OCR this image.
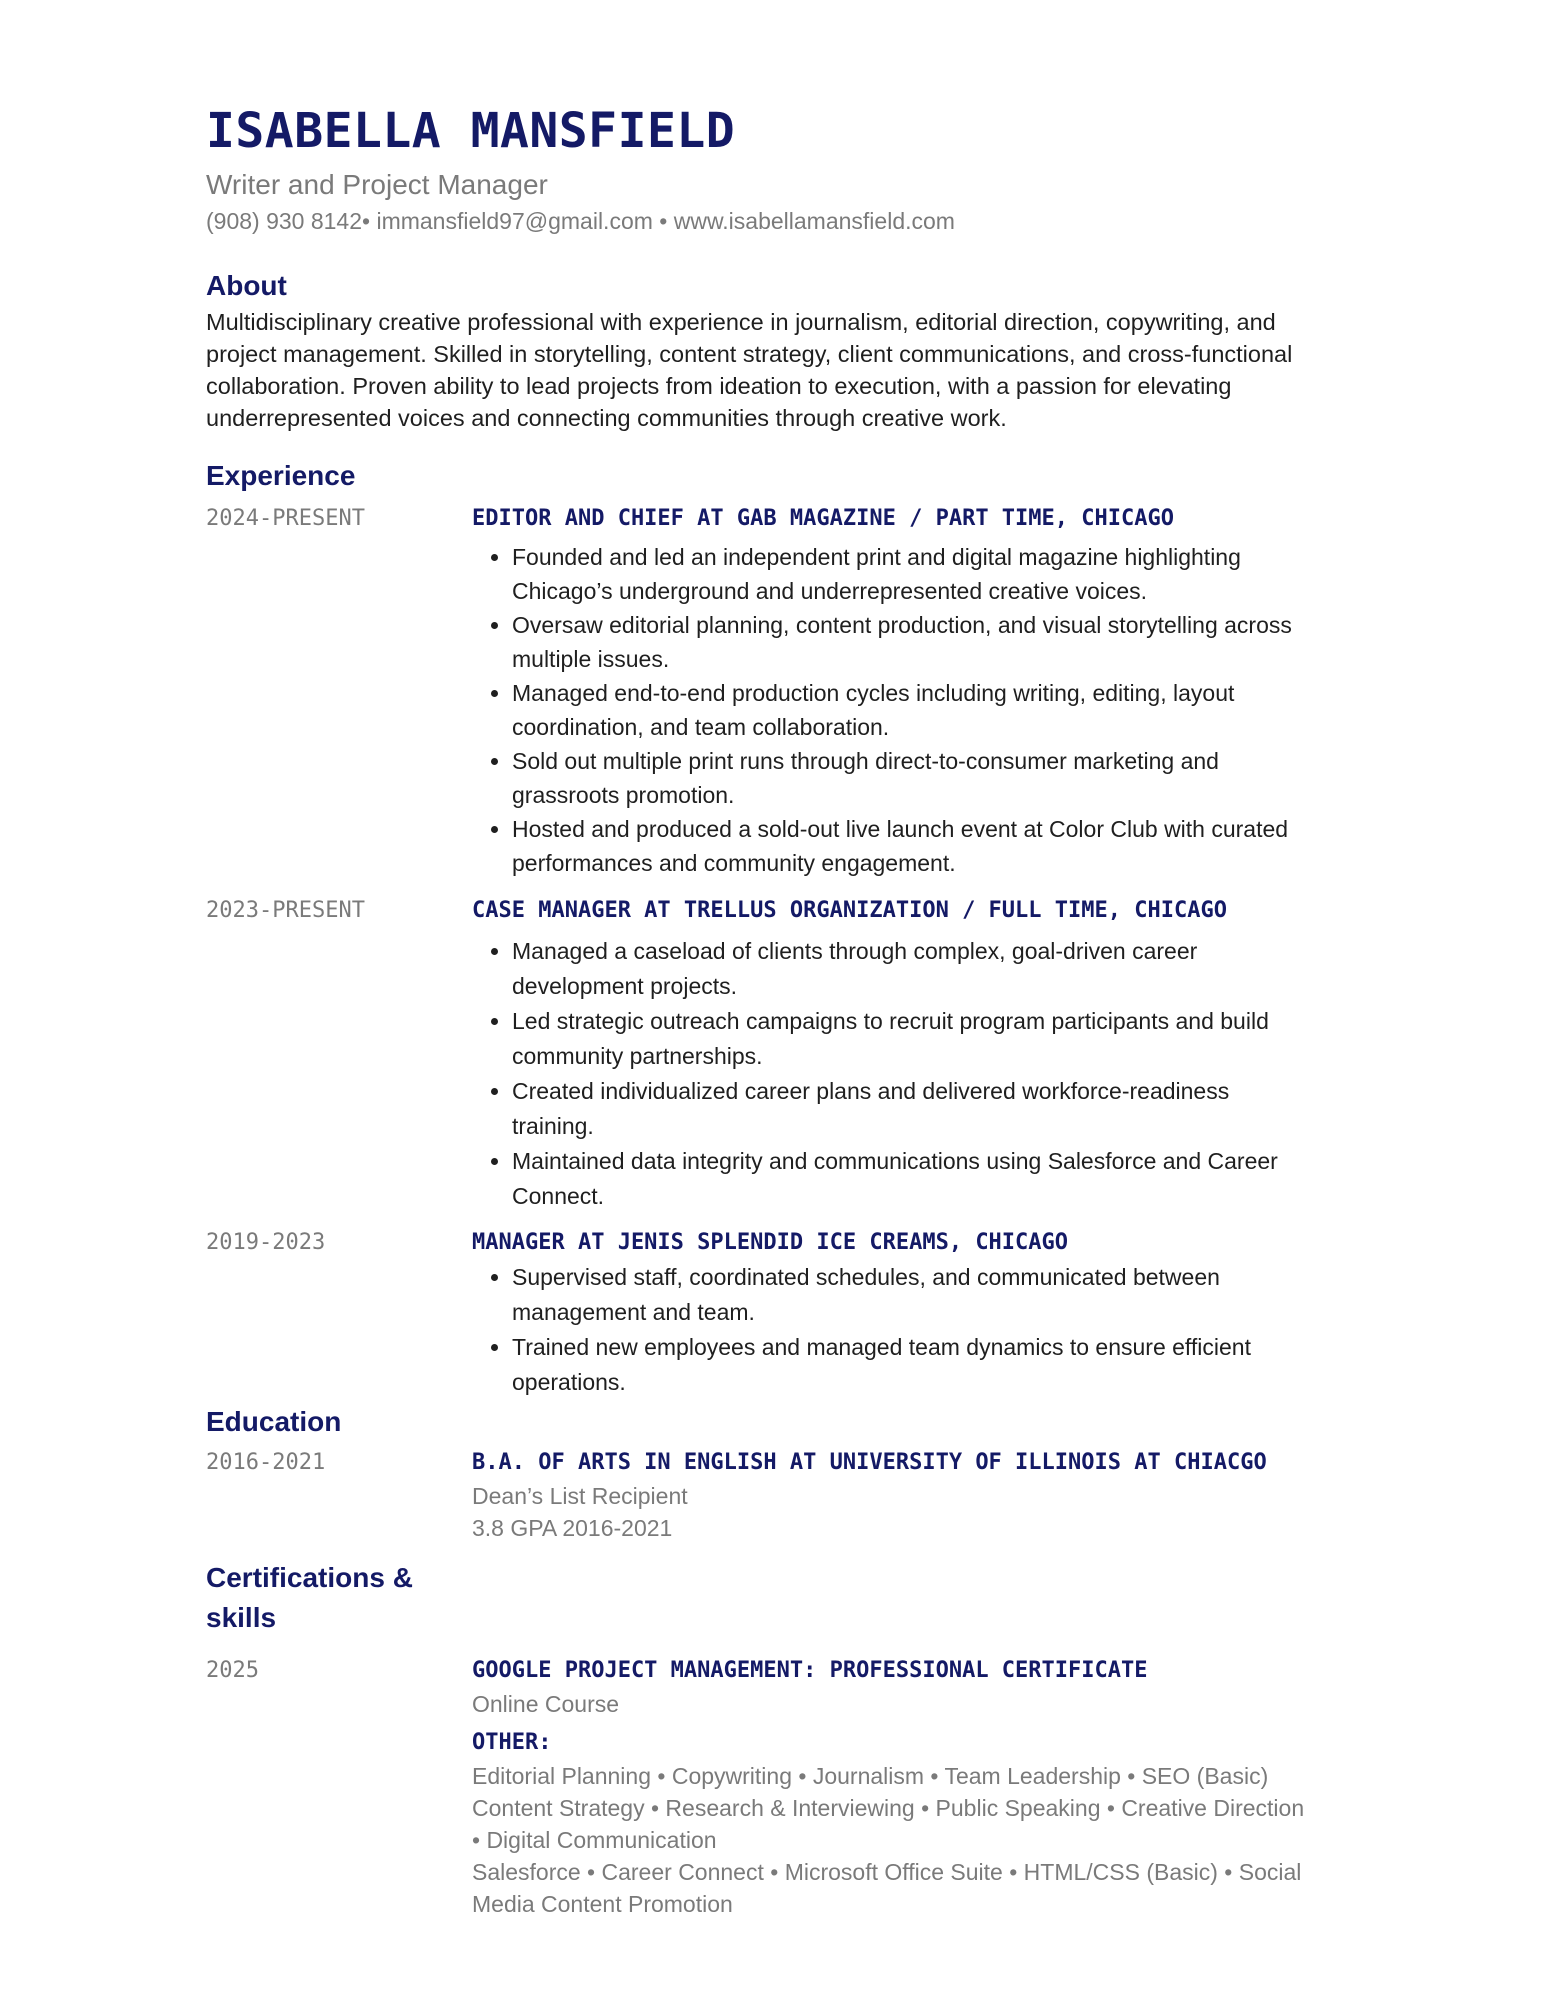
ISABELLA MANSFIELD

Writer and Project Manager

(908) 930 8142• immansfield97@gmail.com • www.isabellamansfield.com

About

Multidisciplinary creative professional with experience in journalism, editorial direction, copywriting, and project management. Skilled in storytelling, content strategy, client communications, and cross-functional collaboration. Proven ability to lead projects from ideation to execution, with a passion for elevating underrepresented voices and connecting communities through creative work.

Experience
2024-PRESENT	EDITOR AND CHIEF AT GAB MAGAZINE / PART TIME, CHICAGO

• Founded and led an independent print and digital magazine highlighting Chicago’s underground and underrepresented creative voices.
• Oversaw editorial planning, content production, and visual storytelling across multiple issues.
• Managed end-to-end production cycles including writing, editing, layout coordination, and team collaboration.
• Sold out multiple print runs through direct-to-consumer marketing and grassroots promotion.
• Hosted and produced a sold-out live launch event at Color Club with curated performances and community engagement.
2023-PRESENT	CASE MANAGER AT TRELLUS ORGANIZATION / FULL TIME, CHICAGO

• Managed a caseload of clients through complex, goal-driven career development projects.
• Led strategic outreach campaigns to recruit program participants and build community partnerships.
• Created individualized career plans and delivered workforce-readiness training.
• Maintained data integrity and communications using Salesforce and Career Connect.
2019-2023	MANAGER AT JENIS SPLENDID ICE CREAMS, CHICAGO

• Supervised staff, coordinated schedules, and communicated between management and team.
• Trained new employees and managed team dynamics to ensure efficient operations.
Education
2016-2021	B.A. OF ARTS IN ENGLISH AT UNIVERSITY OF ILLINOIS AT CHIACGO

Dean’s List Recipient

3.8 GPA 2016-2021

Certifications &
skills
2025	GOOGLE PROJECT MANAGEMENT: PROFESSIONAL CERTIFICATE

Online Course

OTHER:

Editorial Planning • Copywriting • Journalism • Team Leadership • SEO (Basic)

Content Strategy • Research & Interviewing • Public Speaking • Creative Direction • Digital Communication

Salesforce • Career Connect • Microsoft Office Suite • HTML/CSS (Basic) • Social Media Content Promotion
